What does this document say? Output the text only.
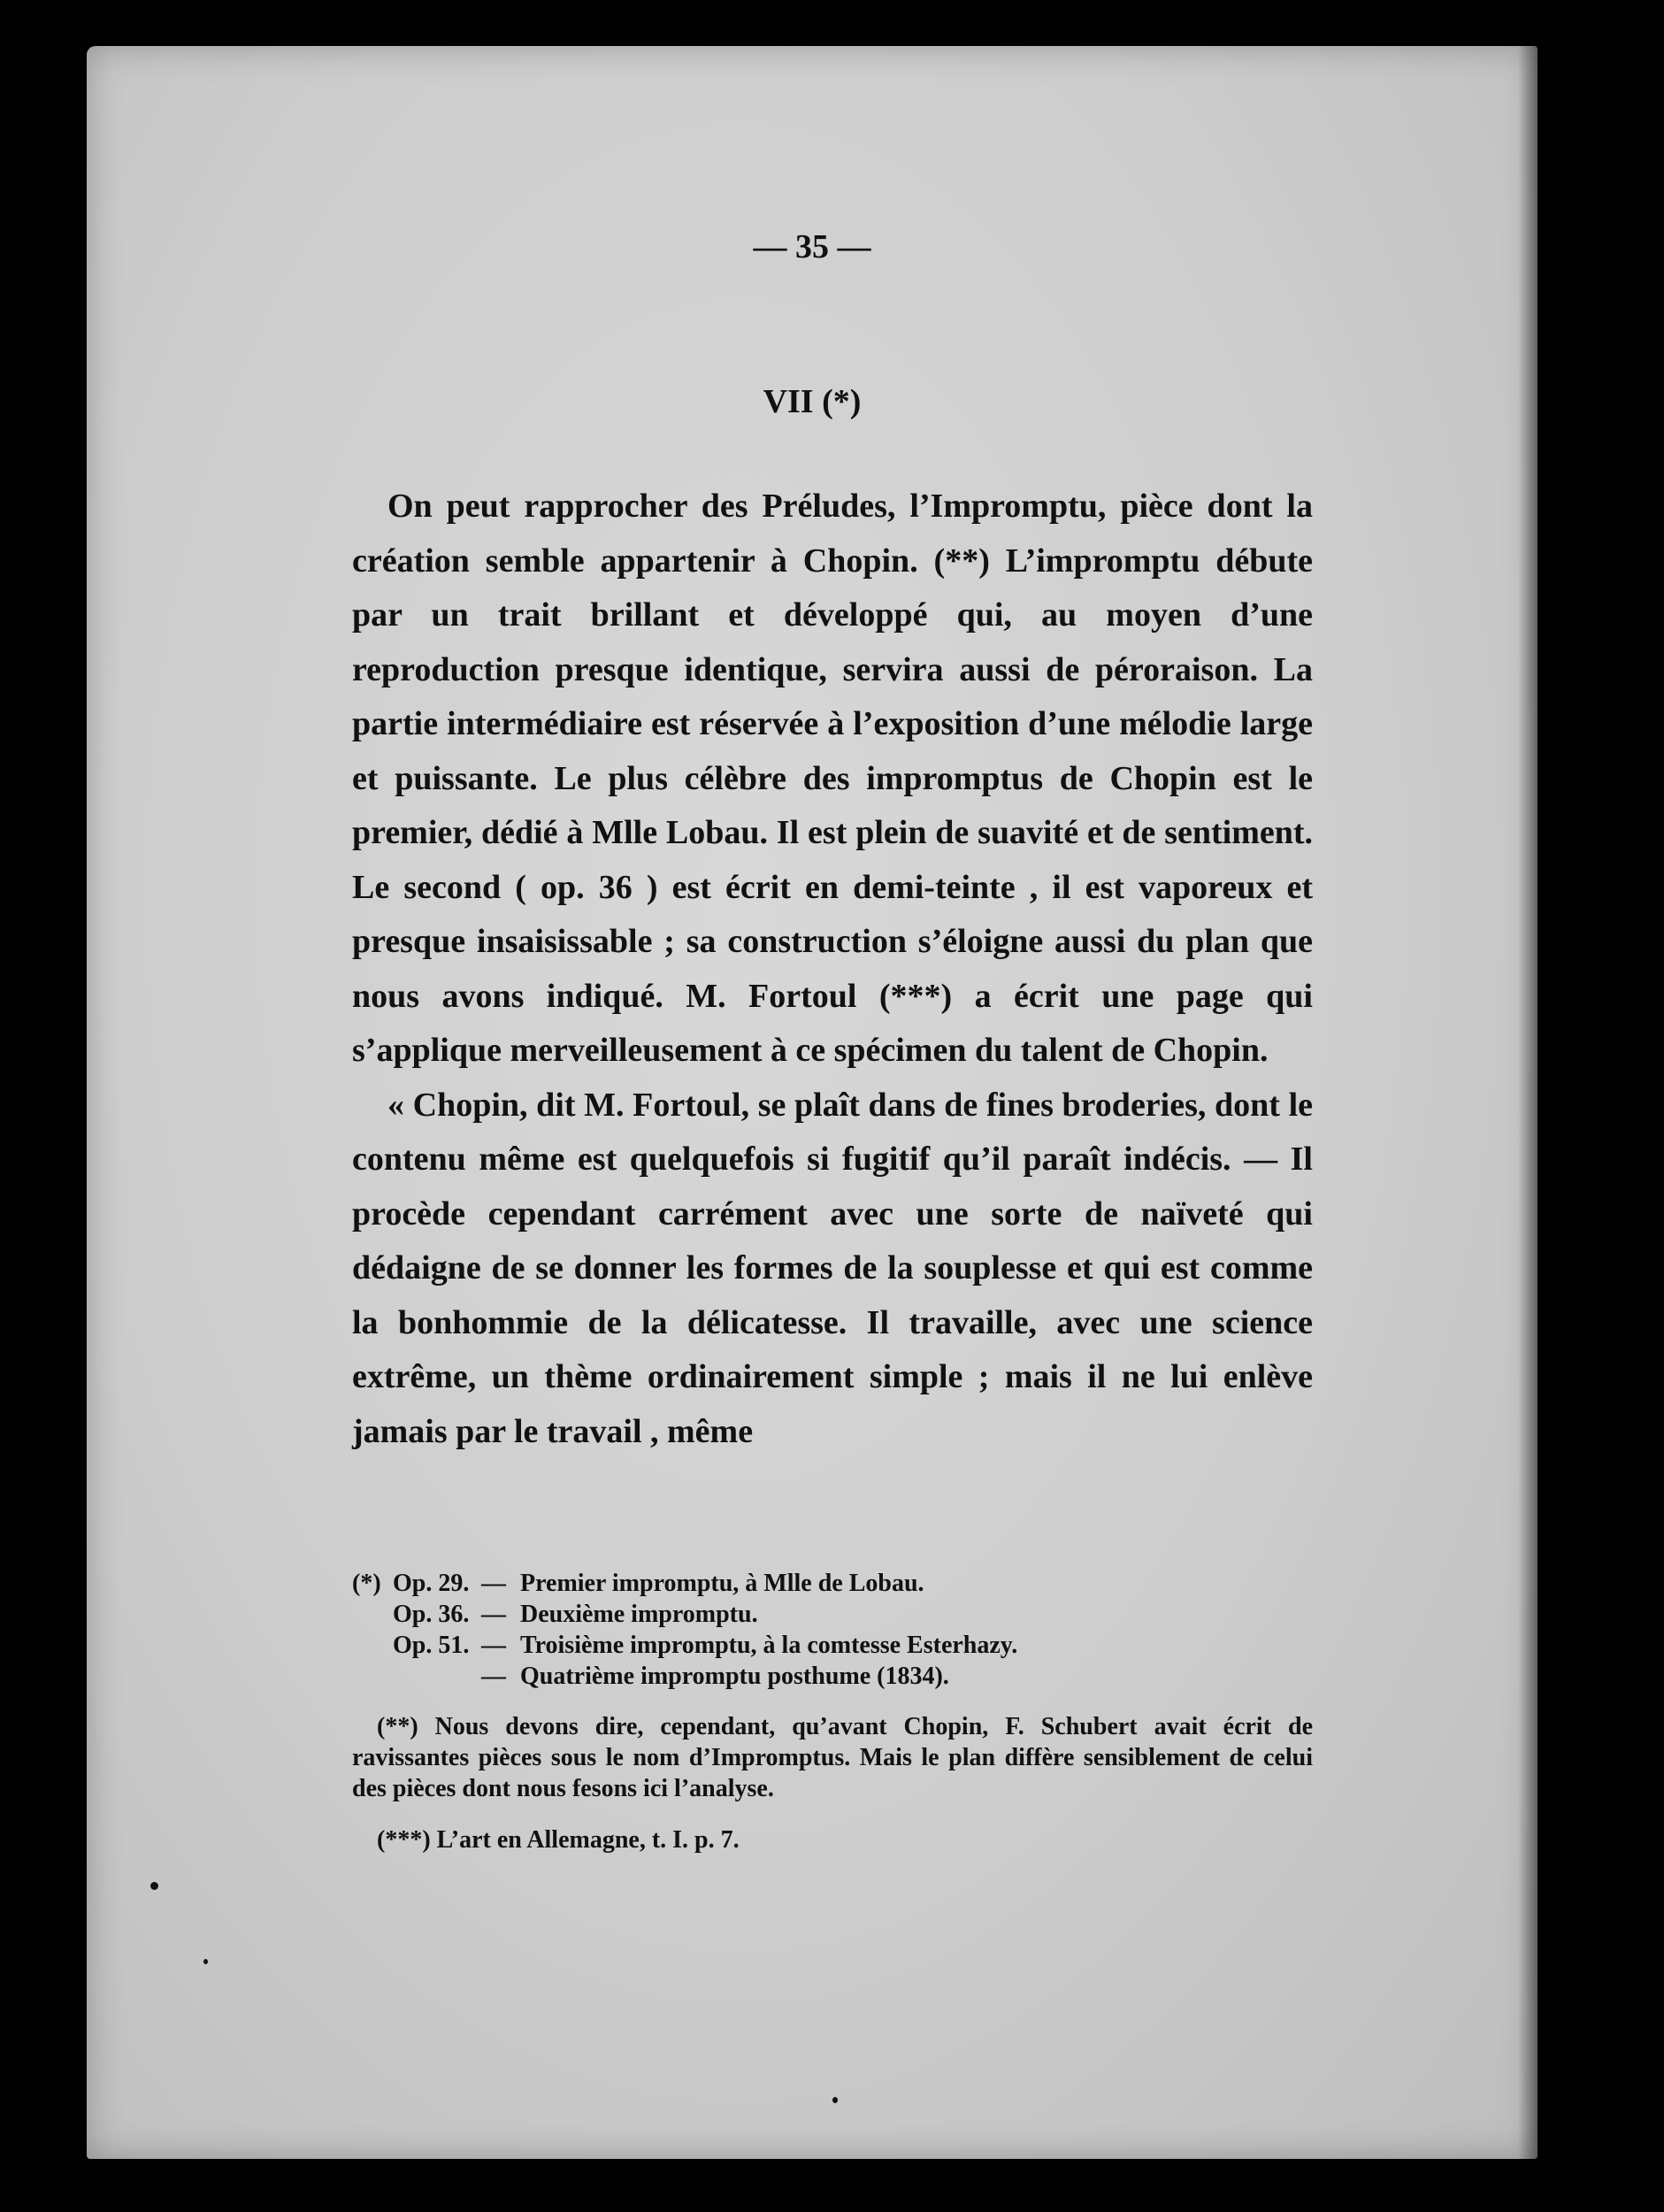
— 35 —
VII (*)

On peut rapprocher des Préludes, l’Impromptu, pièce dont la création semble appartenir à Chopin. (**) L’impromptu débute par un trait brillant et développé qui, au moyen d’une reproduction presque identique, servira aussi de péroraison. La partie intermédiaire est réservée à l’exposition d’une mélodie large et puissante. Le plus célèbre des impromptus de Chopin est le premier, dédié à Mlle Lobau. Il est plein de suavité et de sentiment. Le second ( op. 36 ) est écrit en demi-teinte , il est vaporeux et presque insaisissable ; sa construction s’éloigne aussi du plan que nous avons indiqué. M. Fortoul (***) a écrit une page qui s’applique merveilleusement à ce spécimen du talent de Chopin.

« Chopin, dit M. Fortoul, se plaît dans de fines broderies, dont le contenu même est quelquefois si fugitif qu’il paraît indécis. — Il procède cependant carrément avec une sorte de naïveté qui dédaigne de se donner les formes de la souplesse et qui est comme la bonhommie de la délicatesse. Il travaille, avec une science extrême, un thème ordinairement simple ; mais il ne lui enlève jamais par le travail , même

(*) Op. 29. — Premier impromptu, à Mlle de Lobau.
Op. 36. — Deuxième impromptu.
Op. 51. — Troisième impromptu, à la comtesse Esterhazy.
— Quatrième impromptu posthume (1834).
(**) Nous devons dire, cependant, qu’avant Chopin, F. Schubert avait écrit de ravissantes pièces sous le nom d’Impromptus. Mais le plan diffère sensiblement de celui des pièces dont nous fesons ici l’analyse.
(***) L’art en Allemagne, t. I. p. 7.
